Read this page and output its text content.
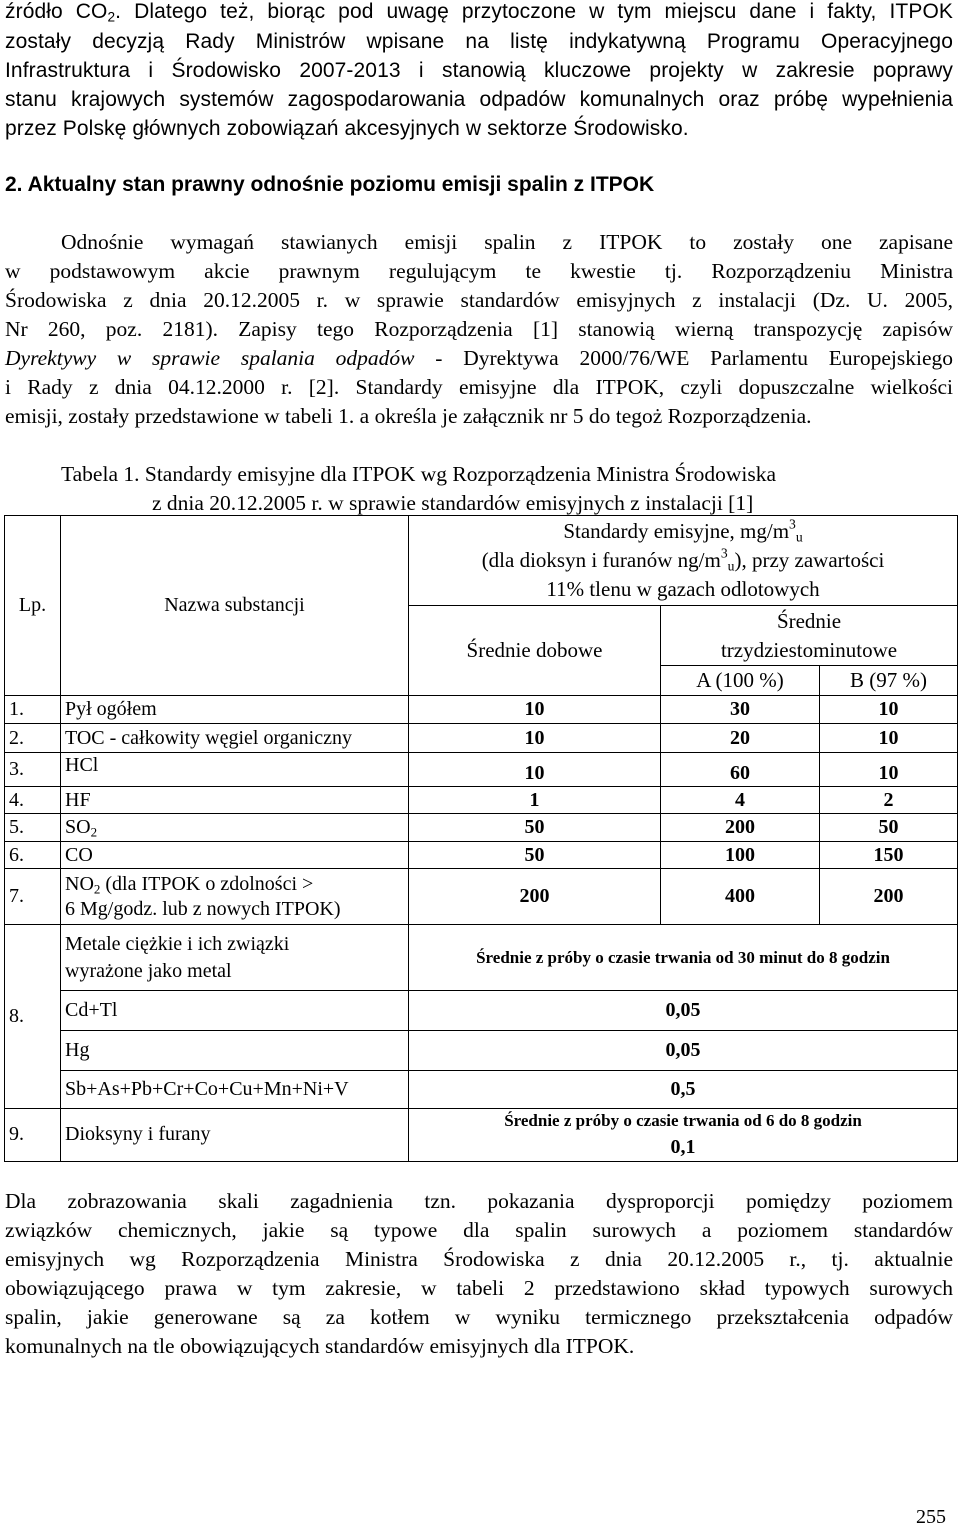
źródło $CO_2$. Dlatego też, biorąc pod uwagę przytoczone w tym miejscu dane i fakty, ITPOK
zostały decyzją Rady Ministrów wpisane na listę indykatywną Programu Operacyjnego
Infrastruktura i Środowisko 2007-2013 i stanowią kluczowe projekty w zakresie poprawy
stanu krajowych systemów zagospodarowania odpadów komunalnych oraz próbę wypełnienia
przez Polskę głównych zobowiązań akcesyjnych w sektorze Środowisko.
2. Aktualny stan prawny odnośnie poziomu emisji spalin z ITPOK
Odnośnie wymagań stawianych emisji spalin z ITPOK to zostały one zapisane
w podstawowym akcie prawnym regulującym te kwestie tj. Rozporządzeniu Ministra
Środowiska z dnia 20.12.2005 r. w sprawie standardów emisyjnych z instalacji (Dz. U. 2005,
Nr 260, poz. 2181). Zapisy tego Rozporządzenia [1] stanowią wierną transpozycję zapisów
Dyrektywy w sprawie spalania odpadów - Dyrektywa 2000/76/WE Parlamentu Europejskiego
i Rady z dnia 04.12.2000 r. [2]. Standardy emisyjne dla ITPOK, czyli dopuszczalne wielkości
emisji, zostały przedstawione w tabeli 1. a określa je załącznik nr 5 do tegoż Rozporządzenia.
Tabela 1. Standardy emisyjne dla ITPOK wg Rozporządzenia Ministra Środowiska
z dnia 20.12.2005 r. w sprawie standardów emisyjnych z instalacji [1]
Lp.	Nazwa substancji	Standardy emisyjne, $mg/m^3_u$
(dla dioksyn i furanów $ng/m^3_u$), przy zawartości
11% tlenu w gazach odlotowych		
		Średnie dobowe	Średnie
trzydziestominutowe	
			A (100 %)	B (97 %)
1.	Pył ogółem	10	30	10
2.	TOC - całkowity węgiel organiczny	10	20	10
3.	HCl	10	60	10
4.	HF	1	4	2
5.	$SO_2$	50	200	50
6.	CO	50	100	150
7.	$NO_2$ (dla ITPOK o zdolności >
6 Mg/godz. lub z nowych ITPOK)	200	400	200
8.	Metale ciężkie i ich związki
wyrażone jako metal	Średnie z próby o czasie trwania od 30 minut do 8 godzin		
	Cd+Tl	0,05		
	Hg	0,05		
	Sb+As+Pb+Cr+Co+Cu+Mn+Ni+V	0,5		
9.	Dioksyny i furany	Średnie z próby o czasie trwania od 6 do 8 godzin
0,1		
Dla zobrazowania skali zagadnienia tzn. pokazania dysproporcji pomiędzy poziomem
związków chemicznych, jakie są typowe dla spalin surowych a poziomem standardów
emisyjnych wg Rozporządzenia Ministra Środowiska z dnia 20.12.2005 r., tj. aktualnie
obowiązującego prawa w tym zakresie, w tabeli 2 przedstawiono skład typowych surowych
spalin, jakie generowane są za kotłem w wyniku termicznego przekształcenia odpadów
komunalnych na tle obowiązujących standardów emisyjnych dla ITPOK.
255
